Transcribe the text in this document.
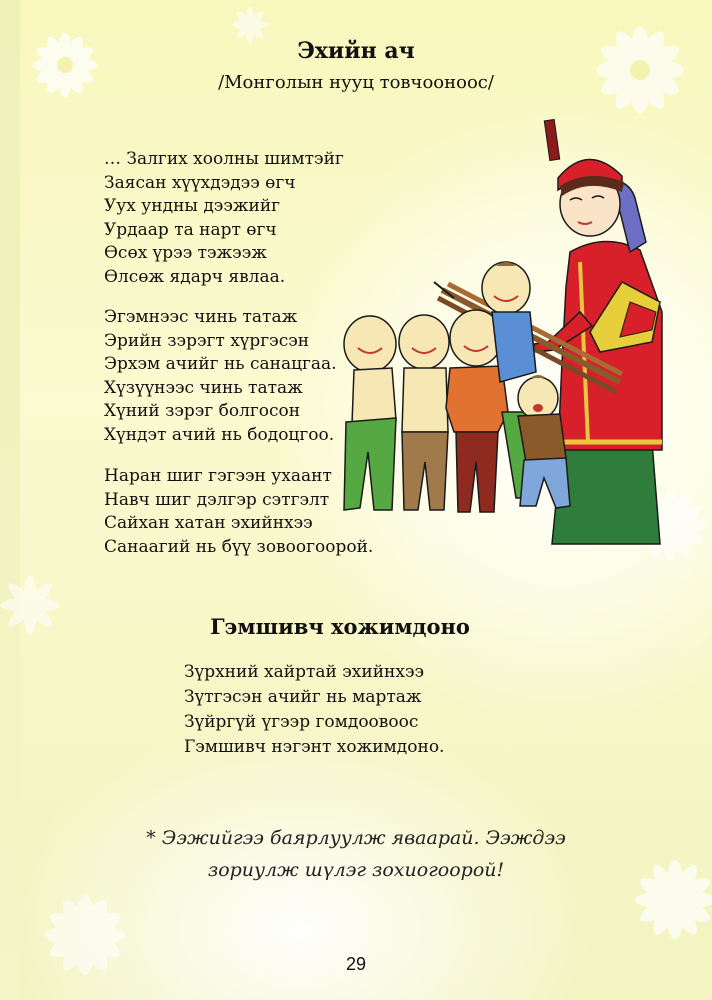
Эхийн ач
/Монголын нууц товчооноос/
… Залгих хоолны шимтэйг
Заясан хүүхдэдээ өгч
Уух ундны дээжийг
Урдаар та нарт өгч
Өсөх үрээ тэжээж
Өлсөж ядарч явлаа.
Эгэмнээс чинь татаж
Эрийн зэрэгт хүргэсэн
Эрхэм ачийг нь санацгаа.
Хүзүүнээс чинь татаж
Хүний зэрэг болгосон
Хүндэт ачий нь бодоцгоо.
Наран шиг гэгээн ухаант
Навч шиг дэлгэр сэтгэлт
Сайхан хатан эхийнхээ
Санаагий нь бүү зовоогоорой.
Гэмшивч хожимдоно
Зүрхний хайртай эхийнхээ
Зүтгэсэн ачийг нь мартаж
Зүйргүй үгээр гомдоовоос
Гэмшивч нэгэнт хожимдоно.
* Ээжийгээ баярлуулж яваарай. Ээждээ
зориулж шүлэг зохиогоорой!
29
